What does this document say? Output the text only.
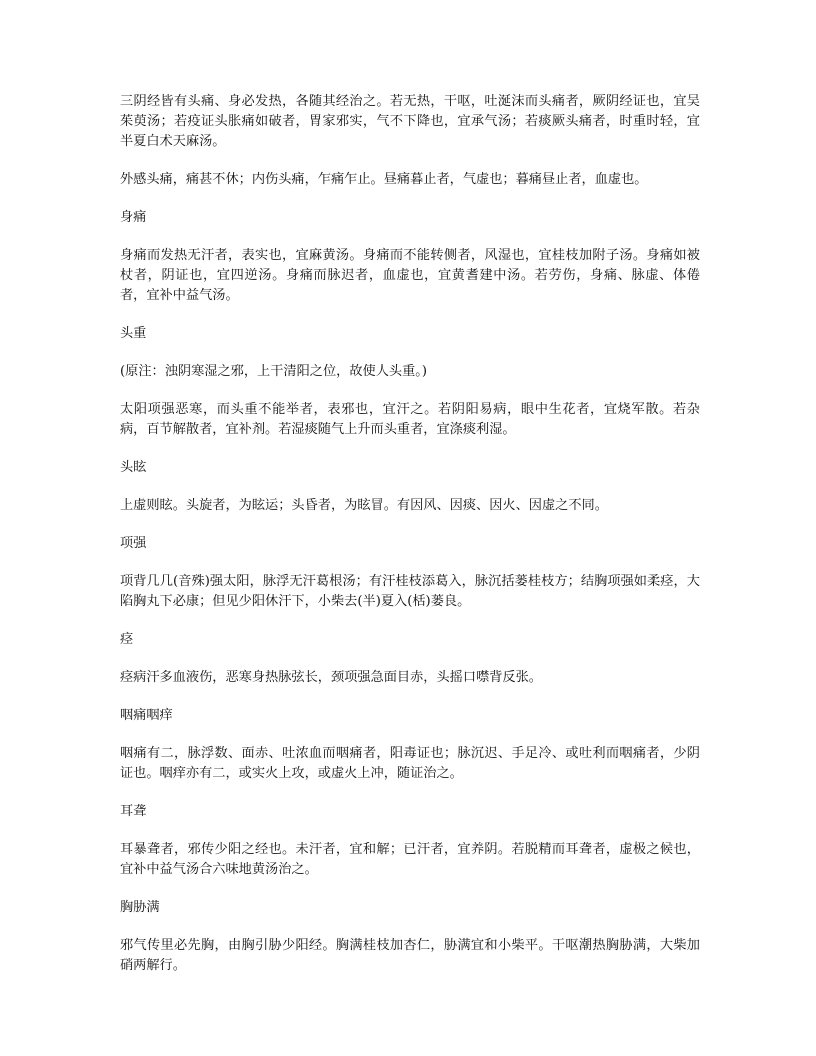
三阴经皆有头痛、身必发热，各随其经治之。若无热，干呕，吐涎沫而头痛者，厥阴经证也，宜吴茱萸汤；若疫证头胀痛如破者，胃家邪实，气不下降也，宜承气汤；若痰厥头痛者，时重时轻，宜半夏白术天麻汤。

外感头痛，痛甚不休；内伤头痛，乍痛乍止。昼痛暮止者，气虚也；暮痛昼止者，血虚也。

身痛

身痛而发热无汗者，表实也，宜麻黄汤。身痛而不能转侧者，风湿也，宜桂枝加附子汤。身痛如被杖者，阴证也，宜四逆汤。身痛而脉迟者，血虚也，宜黄耆建中汤。若劳伤，身痛、脉虚、体倦者，宜补中益气汤。

头重

(原注：浊阴寒湿之邪，上干清阳之位，故使人头重。)

太阳项强恶寒，而头重不能举者，表邪也，宜汗之。若阴阳易病，眼中生花者，宜烧军散。若杂病，百节解散者，宜补剂。若湿痰随气上升而头重者，宜涤痰利湿。

头眩

上虚则眩。头旋者，为眩运；头昏者，为眩冒。有因风、因痰、因火、因虚之不同。

项强

项背几几(音殊)强太阳，脉浮无汗葛根汤；有汗桂枝添葛入，脉沉括蒌桂枝方；结胸项强如柔痉，大陷胸丸下必康；但见少阳休汗下，小柴去(半)夏入(栝)蒌良。

痉

痉病汗多血液伤，恶寒身热脉弦长，颈项强急面目赤，头摇口噤背反张。

咽痛咽痒

咽痛有二，脉浮数、面赤、吐浓血而咽痛者，阳毒证也；脉沉迟、手足冷、或吐利而咽痛者，少阴证也。咽痒亦有二，或实火上攻，或虚火上冲，随证治之。

耳聋

耳暴聋者，邪传少阳之经也。未汗者，宜和解；已汗者，宜养阴。若脱精而耳聋者，虚极之候也，宜补中益气汤合六味地黄汤治之。

胸胁满

邪气传里必先胸，由胸引胁少阳经。胸满桂枝加杏仁，胁满宜和小柴平。干呕潮热胸胁满，大柴加硝两解行。
